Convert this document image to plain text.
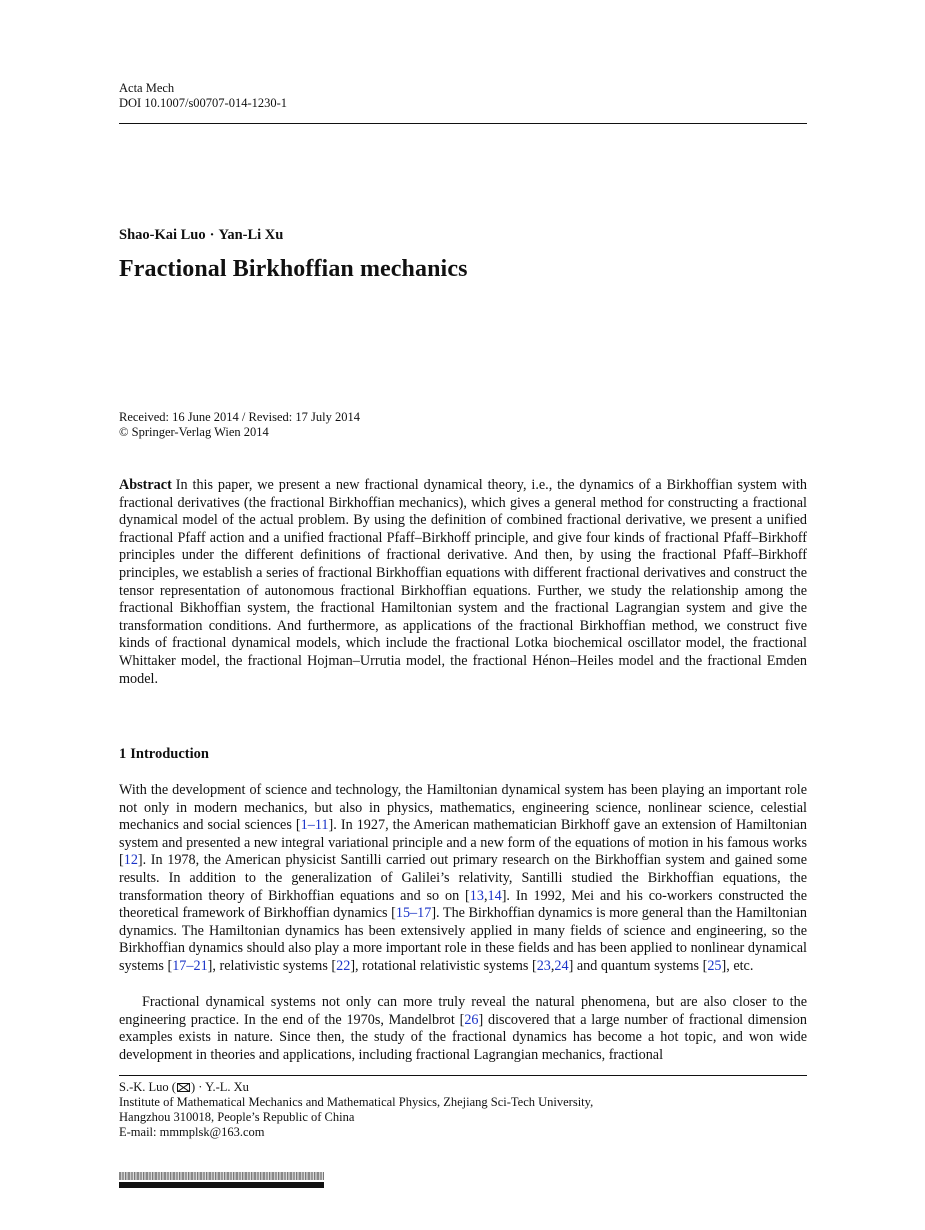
Acta Mech
DOI 10.1007/s00707-014-1230-1
Shao-Kai Luo · Yan-Li Xu
Fractional Birkhoffian mechanics
Received: 16 June 2014 / Revised: 17 July 2014
© Springer-Verlag Wien 2014
Abstract In this paper, we present a new fractional dynamical theory, i.e., the dynamics of a Birkhoffian system with fractional derivatives (the fractional Birkhoffian mechanics), which gives a general method for constructing a fractional dynamical model of the actual problem. By using the definition of combined fractional derivative, we present a unified fractional Pfaff action and a unified fractional Pfaff–Birkhoff principle, and give four kinds of fractional Pfaff–Birkhoff principles under the different definitions of fractional derivative. And then, by using the fractional Pfaff–Birkhoff principles, we establish a series of fractional Birkhoffian equations with different fractional derivatives and construct the tensor representation of autonomous fractional Birkhoffian equations. Further, we study the relationship among the fractional Bikhoffian system, the fractional Hamiltonian system and the fractional Lagrangian system and give the transformation conditions. And furthermore, as applications of the fractional Birkhoffian method, we construct five kinds of fractional dynamical models, which include the fractional Lotka biochemical oscillator model, the fractional Whittaker model, the fractional Hojman–Urrutia model, the fractional Hénon–Heiles model and the fractional Emden model.
1 Introduction
With the development of science and technology, the Hamiltonian dynamical system has been playing an important role not only in modern mechanics, but also in physics, mathematics, engineering science, nonlinear science, celestial mechanics and social sciences [1–11]. In 1927, the American mathematician Birkhoff gave an extension of Hamiltonian system and presented a new integral variational principle and a new form of the equations of motion in his famous works [12]. In 1978, the American physicist Santilli carried out primary research on the Birkhoffian system and gained some results. In addition to the generalization of Galilei’s relativity, Santilli studied the Birkhoffian equations, the transformation theory of Birkhoffian equations and so on [13,14]. In 1992, Mei and his co-workers constructed the theoretical framework of Birkhoffian dynamics [15–17]. The Birkhoffian dynamics is more general than the Hamiltonian dynamics. The Hamiltonian dynamics has been extensively applied in many fields of science and engineering, so the Birkhoffian dynamics should also play a more important role in these fields and has been applied to nonlinear dynamical systems [17–21], relativistic systems [22], rotational relativistic systems [23,24] and quantum systems [25], etc.
Fractional dynamical systems not only can more truly reveal the natural phenomena, but are also closer to the engineering practice. In the end of the 1970s, Mandelbrot [26] discovered that a large number of fractional dimension examples exists in nature. Since then, the study of the fractional dynamics has become a hot topic, and won wide development in theories and applications, including fractional Lagrangian mechanics, fractional
S.-K. Luo ( ) · Y.-L. Xu
Institute of Mathematical Mechanics and Mathematical Physics, Zhejiang Sci-Tech University,
Hangzhou 310018, People’s Republic of China
E-mail: mmmplsk@163.com
